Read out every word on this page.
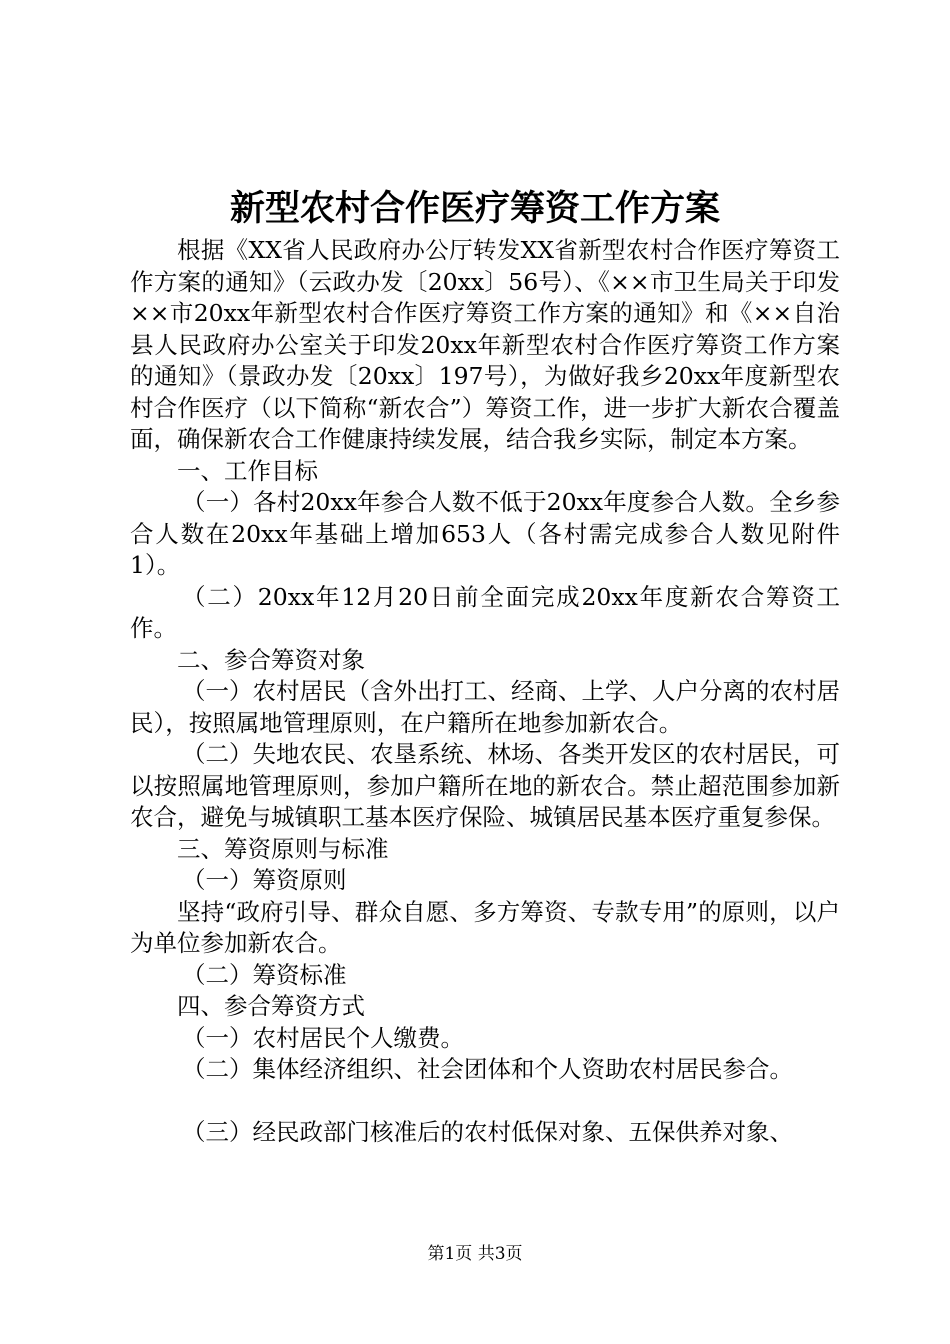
新型农村合作医疗筹资工作方案

根据《XX省人民政府办公厅转发XX省新型农村合作医疗筹资工作方案的通知》（云政办发〔20xx〕56号）、《××市卫生局关于印发××市20xx年新型农村合作医疗筹资工作方案的通知》和《××自治县人民政府办公室关于印发20xx年新型农村合作医疗筹资工作方案的通知》（景政办发〔20xx〕197号），为做好我乡20xx年度新型农村合作医疗（以下简称“新农合”）筹资工作，进一步扩大新农合覆盖面，确保新农合工作健康持续发展，结合我乡实际，制定本方案。

一、工作目标

（一）各村20xx年参合人数不低于20xx年度参合人数。全乡参合人数在20xx年基础上增加653人（各村需完成参合人数见附件1）。

（二）20xx年12月20日前全面完成20xx年度新农合筹资工作。

二、参合筹资对象

（一）农村居民（含外出打工、经商、上学、人户分离的农村居民），按照属地管理原则，在户籍所在地参加新农合。

（二）失地农民、农垦系统、林场、各类开发区的农村居民，可以按照属地管理原则，参加户籍所在地的新农合。禁止超范围参加新农合，避免与城镇职工基本医疗保险、城镇居民基本医疗重复参保。

三、筹资原则与标准

（一）筹资原则

坚持“政府引导、群众自愿、多方筹资、专款专用”的原则，以户为单位参加新农合。

（二）筹资标准

四、参合筹资方式

（一）农村居民个人缴费。

（二）集体经济组织、社会团体和个人资助农村居民参合。

（三）经民政部门核准后的农村低保对象、五保供养对象、

第1页 共3页
